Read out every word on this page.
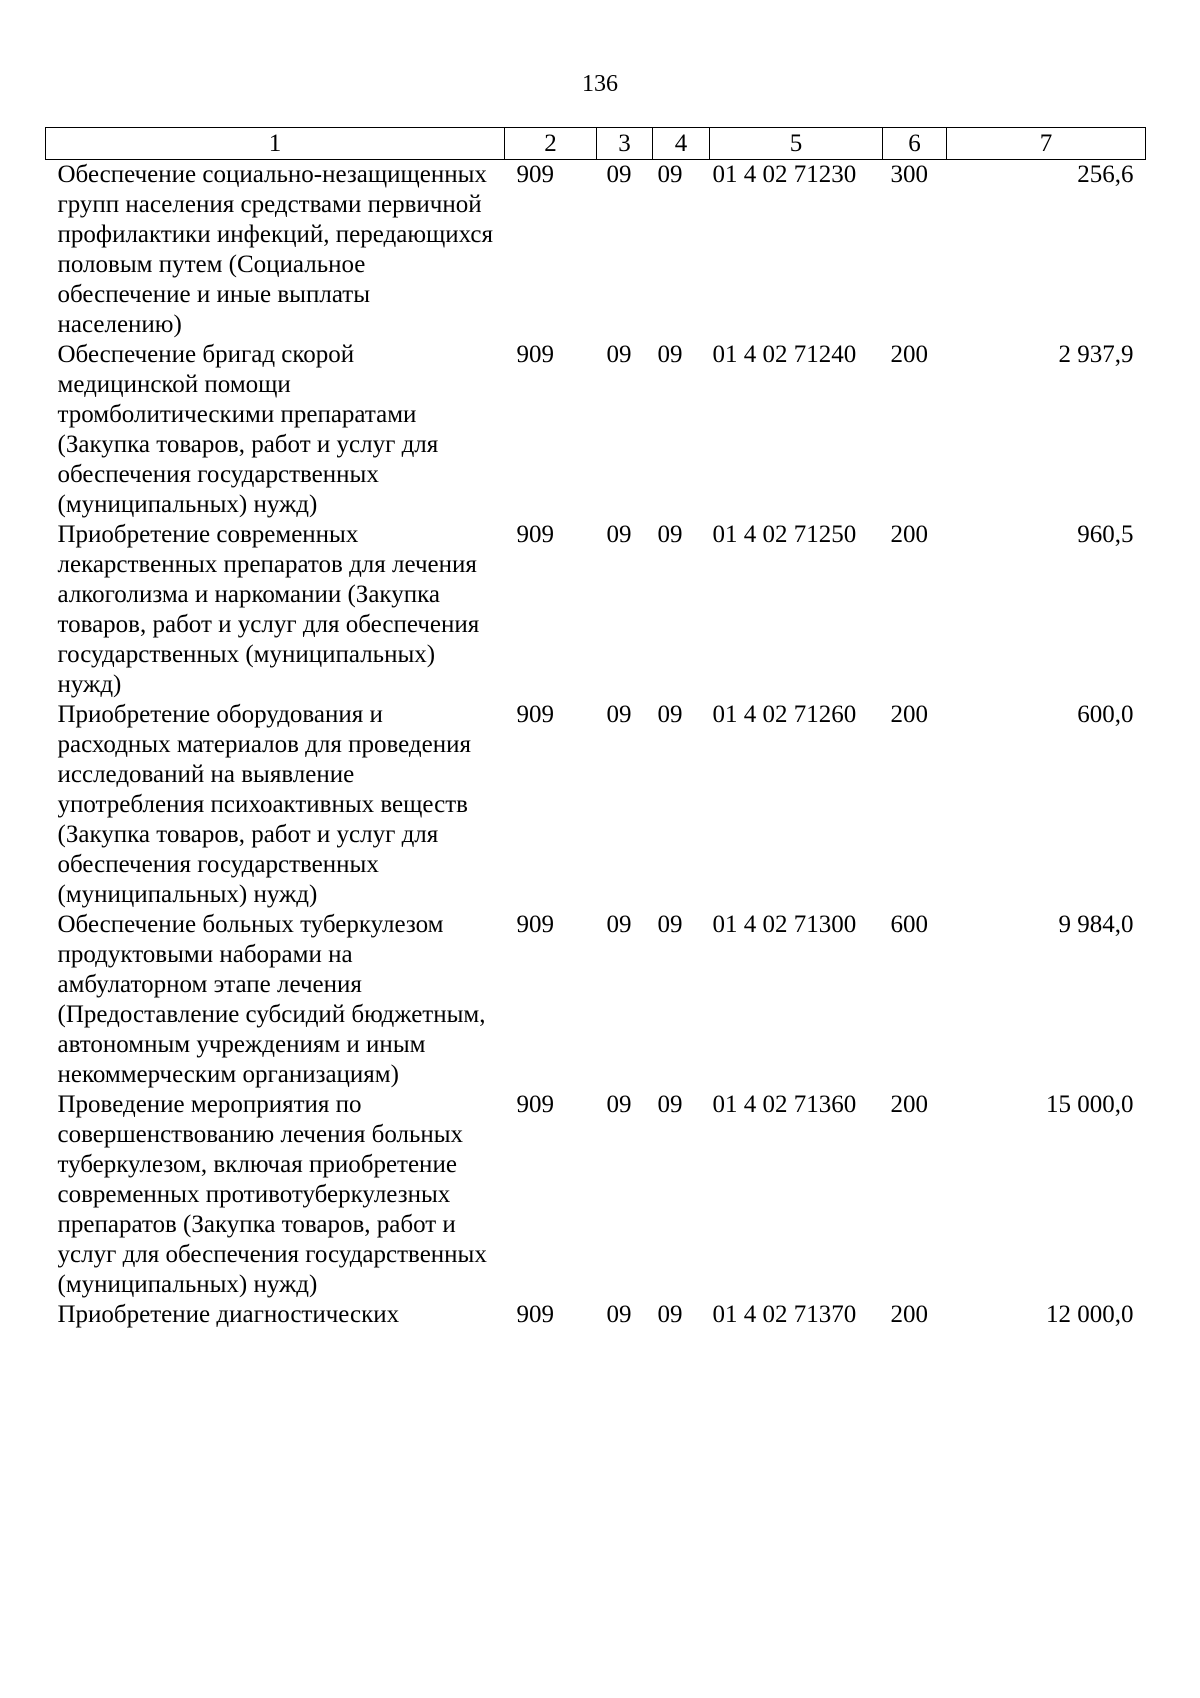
136
1	2	3	4	5	6	7
Обеспечение социально-незащищенных групп населения средствами первичной профилактики инфекций, передающихся половым путем (Социальное обеспечение и иные выплаты населению)	909	09	09	01 4 02 71230	300	256,6
Обеспечение бригад скорой медицинской помощи тромболитическими препаратами (Закупка товаров, работ и услуг для обеспечения государственных (муниципальных) нужд)	909	09	09	01 4 02 71240	200	2 937,9
Приобретение современных лекарственных препаратов для лечения алкоголизма и наркомании (Закупка товаров, работ и услуг для обеспечения государственных (муниципальных) нужд)	909	09	09	01 4 02 71250	200	960,5
Приобретение оборудования и расходных материалов для проведения исследований на выявление употребления психоактивных веществ (Закупка товаров, работ и услуг для обеспечения государственных (муниципальных) нужд)	909	09	09	01 4 02 71260	200	600,0
Обеспечение больных туберкулезом продуктовыми наборами на амбулаторном этапе лечения (Предоставление субсидий бюджетным, автономным учреждениям и иным некоммерческим организациям)	909	09	09	01 4 02 71300	600	9 984,0
Проведение мероприятия по совершенствованию лечения больных туберкулезом, включая приобретение современных противотуберкулезных препаратов (Закупка товаров, работ и услуг для обеспечения государственных (муниципальных) нужд)	909	09	09	01 4 02 71360	200	15 000,0
Приобретение диагностических	909	09	09	01 4 02 71370	200	12 000,0
